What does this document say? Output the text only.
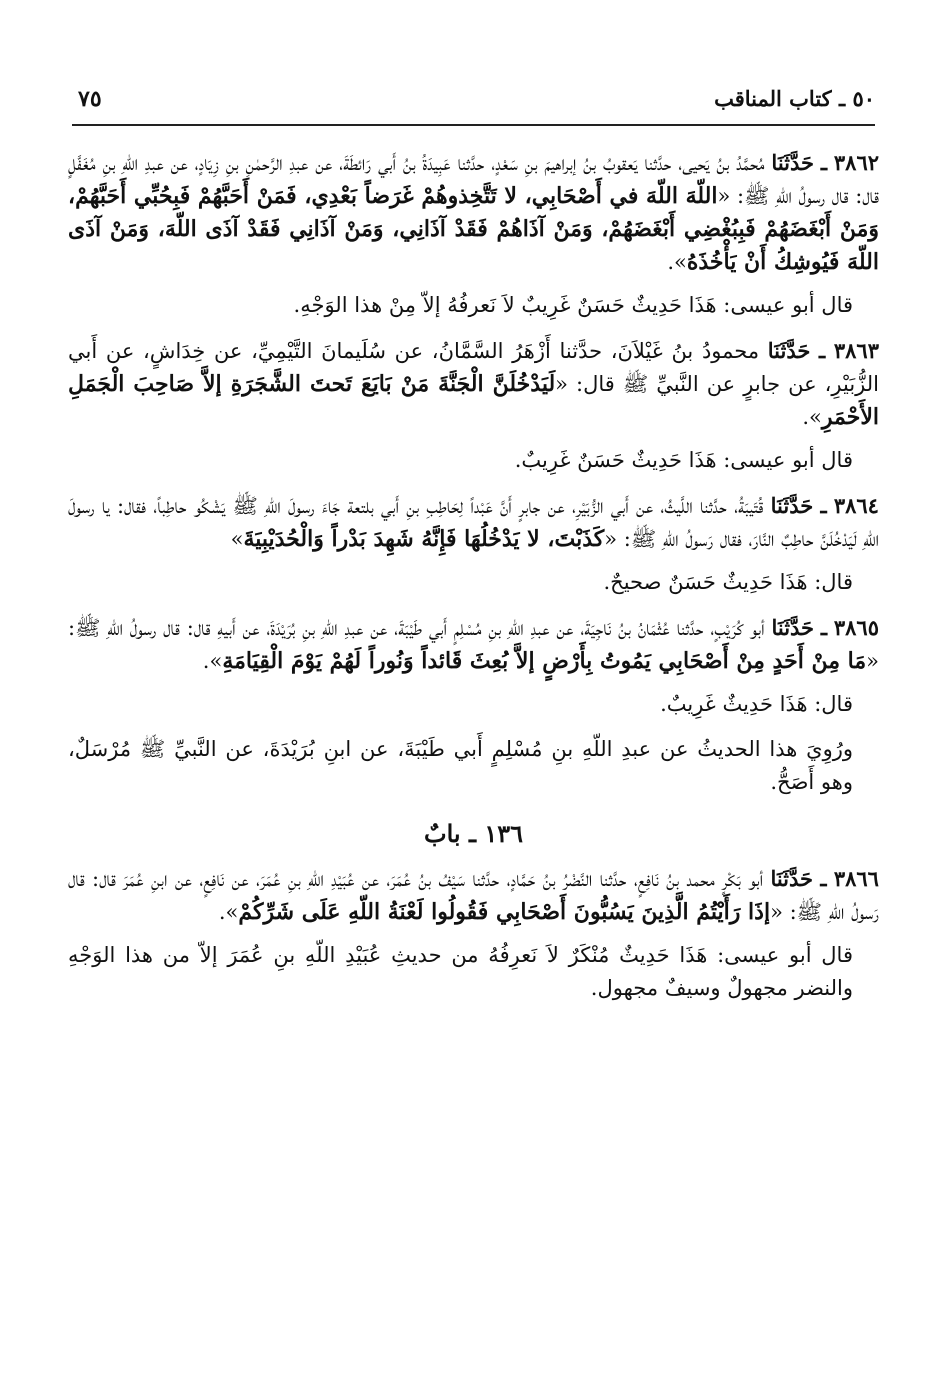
٥٠ ـ كتاب المناقب
٧٥

٣٨٦٢ ـ حَدَّثَنَا مُحمَّدُ بنُ يَحيى، حدَّثنا يَعقوبُ بنُ إبراهيمَ بنِ سَعْدٍ، حدَّثنا عَبِيدَةُ بنُ أَبي رَائطَةَ، عن عبدِ الرَّحمٰنِ بنِ زِيَادٍ، عن عبدِ اللّهِ بنِ مُغَفَّلٍ قال: قال رسولُ اللّهِ ﷺ: «اللّهَ اللّهَ في أَصْحَابِي، لا تَتَّخِذوهُمْ غَرَضاً بَعْدِي، فَمَنْ أَحَبَّهُمْ فَبِحُبِّي أَحَبَّهُمْ، وَمَنْ أَبْغَضَهُمْ فَبِبُغْضِي أَبْغَضَهُمْ، وَمَنْ آذَاهُمْ فَقَدْ آذَانِي، وَمَنْ آذَانِي فَقَدْ آذَى اللّهَ، وَمَنْ آذَى اللّهَ فَيُوشِكُ أَنْ يَأْخُذَهُ».

قال أبو عيسى: هَذَا حَدِيثٌ حَسَنٌ غَرِيبٌ لاَ نَعرفُهُ إلاّ مِنْ هذا الوَجْهِ.

٣٨٦٣ ـ حَدَّثَنَا محمودُ بنُ غَيْلاَنَ، حدَّثنا أَزْهَرُ السَّمَّانُ، عن سُلَيمانَ التَّيْمِيِّ، عن خِدَاشٍ، عن أَبي الزُّبَيْرِ، عن جابرٍ عن النَّبيِّ ﷺ قال: «لَيَدْخُلَنَّ الْجَنَّةَ مَنْ بَايَعَ تَحتَ الشَّجَرَةِ إلاَّ صَاحِبَ الْجَمَلِ الأَحْمَرِ».

قال أبو عيسى: هَذَا حَدِيثٌ حَسَنٌ غَرِيبٌ.

٣٨٦٤ ـ حَدَّثَنَا قُتَيبَةُ، حدَّثنا اللَّيثُ، عن أَبي الزُّبَيْرِ، عن جابرٍ أَنَّ عَبْداً لِحَاطِبِ بنِ أَبي بلتعة جَاءَ رسولَ اللّهِ ﷺ يَشْكُو حاطِباً، فقال: يا رسولَ اللّهِ لَيَدْخُلَنَّ حاطِبٌ النَّارَ، فقال رَسولُ اللهِ ﷺ: «كَذَبْتَ، لا يَدْخُلُهَا فَإِنَّهُ شَهِدَ بَدْراً وَالْحُدَيْبِيَةَ»

قال: هَذَا حَدِيثٌ حَسَنٌ صحيحٌ.

٣٨٦٥ ـ حَدَّثَنَا أبو كُرَيْبٍ، حدَّثنا عُثْمَانُ بنُ نَاجِيَةَ، عن عبدِ اللّهِ بنِ مُسْلِمٍ أَبي طَيْبَةَ، عن عبدِ اللّهِ بنِ بُرَيْدَةَ، عن أَبيهِ قال: قال رسولُ اللّهِ ﷺ: «مَا مِنْ أَحَدٍ مِنْ أَصْحَابِي يَمُوتُ بِأَرْضٍ إلاَّ بُعِثَ قَائداً وَنُوراً لَهُمْ يَوْمَ الْقِيَامَةِ».

قال: هَذَا حَدِيثٌ غَرِيبٌ.

ورُوِيَ هذا الحديثُ عن عبدِ اللّهِ بنِ مُسْلِمٍ أَبي طَيْبَةَ، عن ابنِ بُرَيْدَةَ، عن النَّبيِّ ﷺ مُرْسَلٌ، وهو أَصَحُّ.

١٣٦ ـ بابٌ

٣٨٦٦ ـ حَدَّثَنَا أبو بَكْرٍ محمد بنُ نَافِعٍ، حدَّثنا النَّضْرُ بنُ حَمَّادٍ، حدَّثنا سَيْفُ بنُ عُمَرَ، عن عُبَيْدِ اللّهِ بنِ عُمَرَ، عن نَافِعٍ، عن ابنِ عُمَرَ قال: قال رَسولُ اللّهِ ﷺ: «إذَا رَأَيْتُمُ الَّذِينَ يَسُبُّونَ أَصْحَابِي فَقُولُوا لَعْنَةُ اللّهِ عَلَى شَرِّكُمْ».

قال أبو عيسى: هَذَا حَدِيثٌ مُنْكَرٌ لاَ نَعرِفُهُ من حديثِ عُبَيْدِ اللّهِ بنِ عُمَرَ إلاّ من هذا الوَجْهِ والنضر مجهولٌ وسيفٌ مجهول.
